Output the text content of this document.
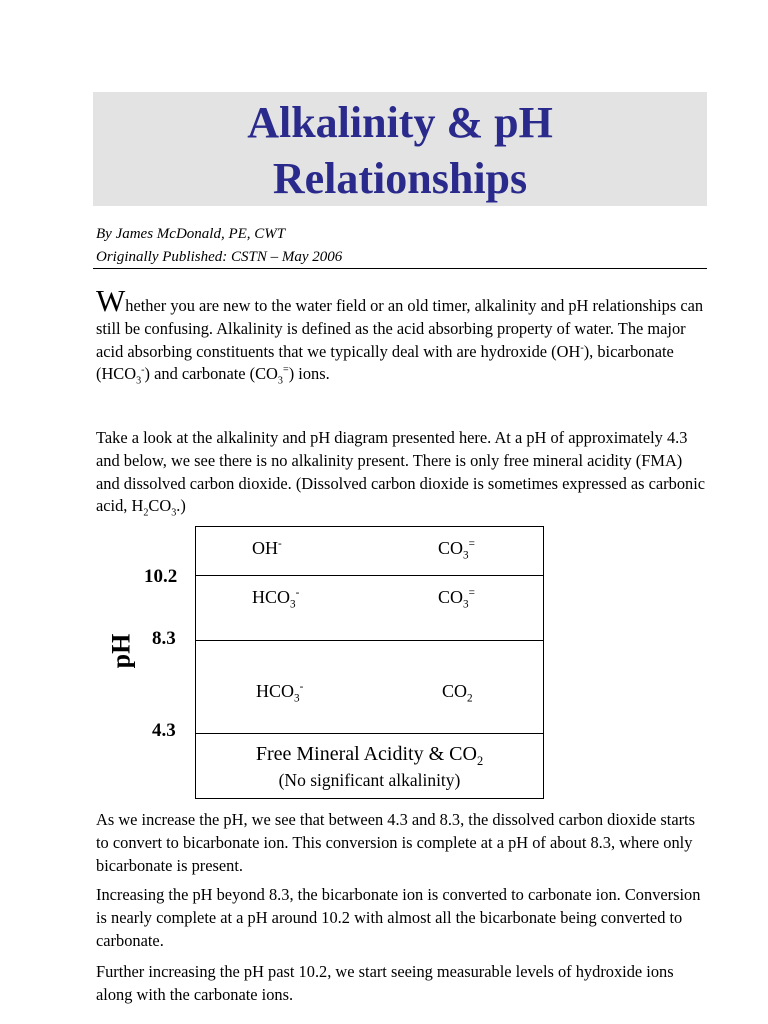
Alkalinity & pH
Relationships
By James McDonald, PE, CWT
Originally Published: CSTN – May 2006
Whether you are new to the water field or an old timer, alkalinity and pH relationships can still be confusing. Alkalinity is defined as the acid absorbing property of water. The major acid absorbing constituents that we typically deal with are hydroxide (OH-), bicarbonate $(HCO_3^-)$ and carbonate $(CO_3^=)$ ions.
Take a look at the alkalinity and pH diagram presented here. At a pH of approximately 4.3 and below, we see there is no alkalinity present. There is only free mineral acidity (FMA) and dissolved carbon dioxide. (Dissolved carbon dioxide is sometimes expressed as carbonic acid, $H_2CO_3$.)
pH
10.2
8.3
4.3
OH-	$CO_3^=$
$HCO_3^-$	$CO_3^=$
$HCO_3^-$	$CO_2$
Free Mineral Acidity & $CO_2$
(No significant alkalinity)
As we increase the pH, we see that between 4.3 and 8.3, the dissolved carbon dioxide starts to convert to bicarbonate ion. This conversion is complete at a pH of about 8.3, where only bicarbonate is present.
Increasing the pH beyond 8.3, the bicarbonate ion is converted to carbonate ion. Conversion is nearly complete at a pH around 10.2 with almost all the bicarbonate being converted to carbonate.
Further increasing the pH past 10.2, we start seeing measurable levels of hydroxide ions along with the carbonate ions.
